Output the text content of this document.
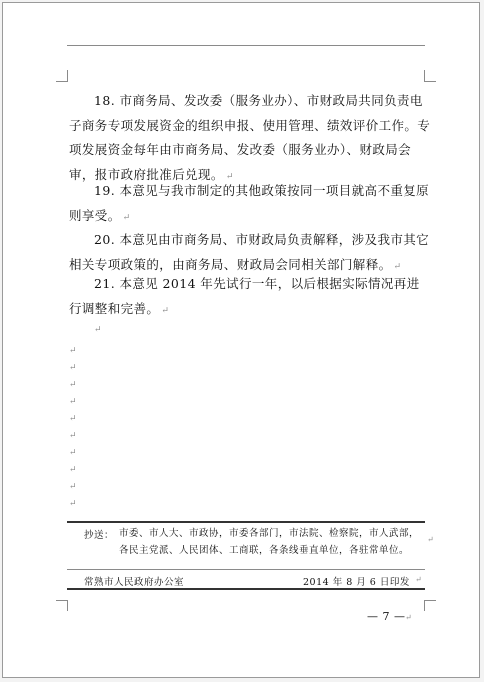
18. 市商务局、发改委（服务业办）、市财政局共同负责电子商务专项发展资金的组织申报、使用管理、绩效评价工作。专项发展资金每年由市商务局、发改委（服务业办）、财政局会审，报市政府批准后兑现。 ↵
19. 本意见与我市制定的其他政策按同一项目就高不重复原则享受。 ↵
20. 本意见由市商务局、市财政局负责解释，涉及我市其它相关专项政策的，由商务局、财政局会同相关部门解释。 ↵
21. 本意见 2014 年先试行一年，以后根据实际情况再进行调整和完善。 ↵
↵
↵
↵
↵
↵
↵
↵
↵
↵
↵
↵
抄送： 市委、市人大、市政协，市委各部门，市法院、检察院，市人武部，各民主党派、人民团体、工商联，各条线垂直单位，各驻常单位。
↵
常熟市人民政府办公室	2014 年 8 月 6 日印发 ↵
— 7 — ↵
